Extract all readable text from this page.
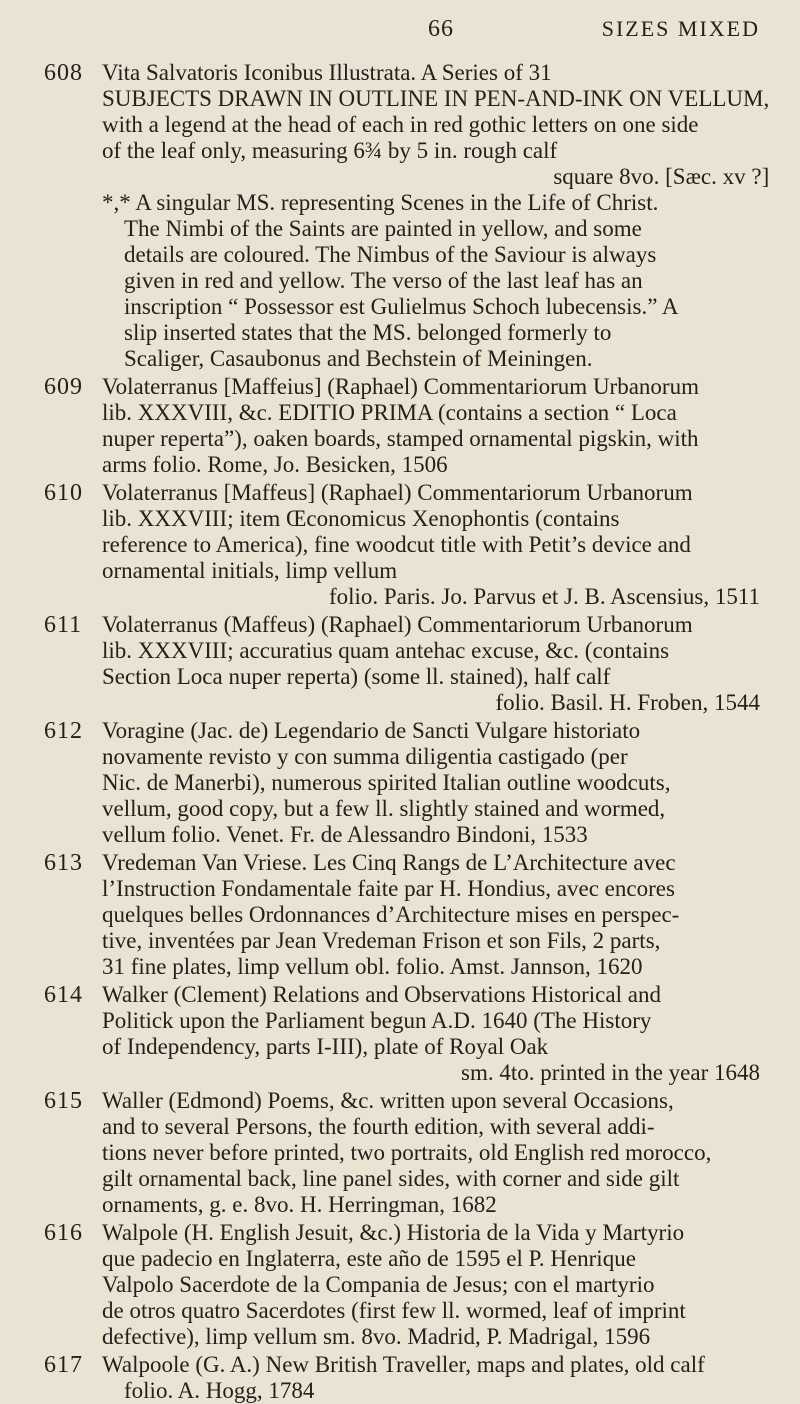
66	SIZES MIXED
608 Vita Salvatoris Iconibus Illustrata. A Series of 31
SUBJECTS DRAWN IN OUTLINE IN PEN-AND-INK ON VELLUM,
with a legend at the head of each in red gothic letters on one side
of the leaf only, measuring 6¾ by 5 in. rough calf
square 8vo. [Sæc. xv ?]
*,* A singular MS. representing Scenes in the Life of Christ.
The Nimbi of the Saints are painted in yellow, and some
details are coloured. The Nimbus of the Saviour is always
given in red and yellow. The verso of the last leaf has an
inscription “ Possessor est Gulielmus Schoch lubecensis.” A
slip inserted states that the MS. belonged formerly to
Scaliger, Casaubonus and Bechstein of Meiningen.
609 Volaterranus [Maffeius] (Raphael) Commentariorum Urbanorum
lib. XXXVIII, &c. EDITIO PRIMA (contains a section “ Loca
nuper reperta”), oaken boards, stamped ornamental pigskin, with
arms folio. Rome, Jo. Besicken, 1506
610 Volaterranus [Maffeus] (Raphael) Commentariorum Urbanorum
lib. XXXVIII; item Œconomicus Xenophontis (contains
reference to America), fine woodcut title with Petit’s device and
ornamental initials, limp vellum
folio. Paris. Jo. Parvus et J. B. Ascensius, 1511
611 Volaterranus (Maffeus) (Raphael) Commentariorum Urbanorum
lib. XXXVIII; accuratius quam antehac excuse, &c. (contains
Section Loca nuper reperta) (some ll. stained), half calf
folio. Basil. H. Froben, 1544
612 Voragine (Jac. de) Legendario de Sancti Vulgare historiato
novamente revisto y con summa diligentia castigado (per
Nic. de Manerbi), numerous spirited Italian outline woodcuts,
vellum, good copy, but a few ll. slightly stained and wormed,
vellum folio. Venet. Fr. de Alessandro Bindoni, 1533
613 Vredeman Van Vriese. Les Cinq Rangs de L’Architecture avec
l’Instruction Fondamentale faite par H. Hondius, avec encores
quelques belles Ordonnances d’Architecture mises en perspec-
tive, inventées par Jean Vredeman Frison et son Fils, 2 parts,
31 fine plates, limp vellum obl. folio. Amst. Jannson, 1620
614 Walker (Clement) Relations and Observations Historical and
Politick upon the Parliament begun A.D. 1640 (The History
of Independency, parts I-III), plate of Royal Oak
sm. 4to. printed in the year 1648
615 Waller (Edmond) Poems, &c. written upon several Occasions,
and to several Persons, the fourth edition, with several addi-
tions never before printed, two portraits, old English red morocco,
gilt ornamental back, line panel sides, with corner and side gilt
ornaments, g. e. 8vo. H. Herringman, 1682
616 Walpole (H. English Jesuit, &c.) Historia de la Vida y Martyrio
que padecio en Inglaterra, este año de 1595 el P. Henrique
Valpolo Sacerdote de la Compania de Jesus; con el martyrio
de otros quatro Sacerdotes (first few ll. wormed, leaf of imprint
defective), limp vellum sm. 8vo. Madrid, P. Madrigal, 1596
617 Walpoole (G. A.) New British Traveller, maps and plates, old calf
folio. A. Hogg, 1784
